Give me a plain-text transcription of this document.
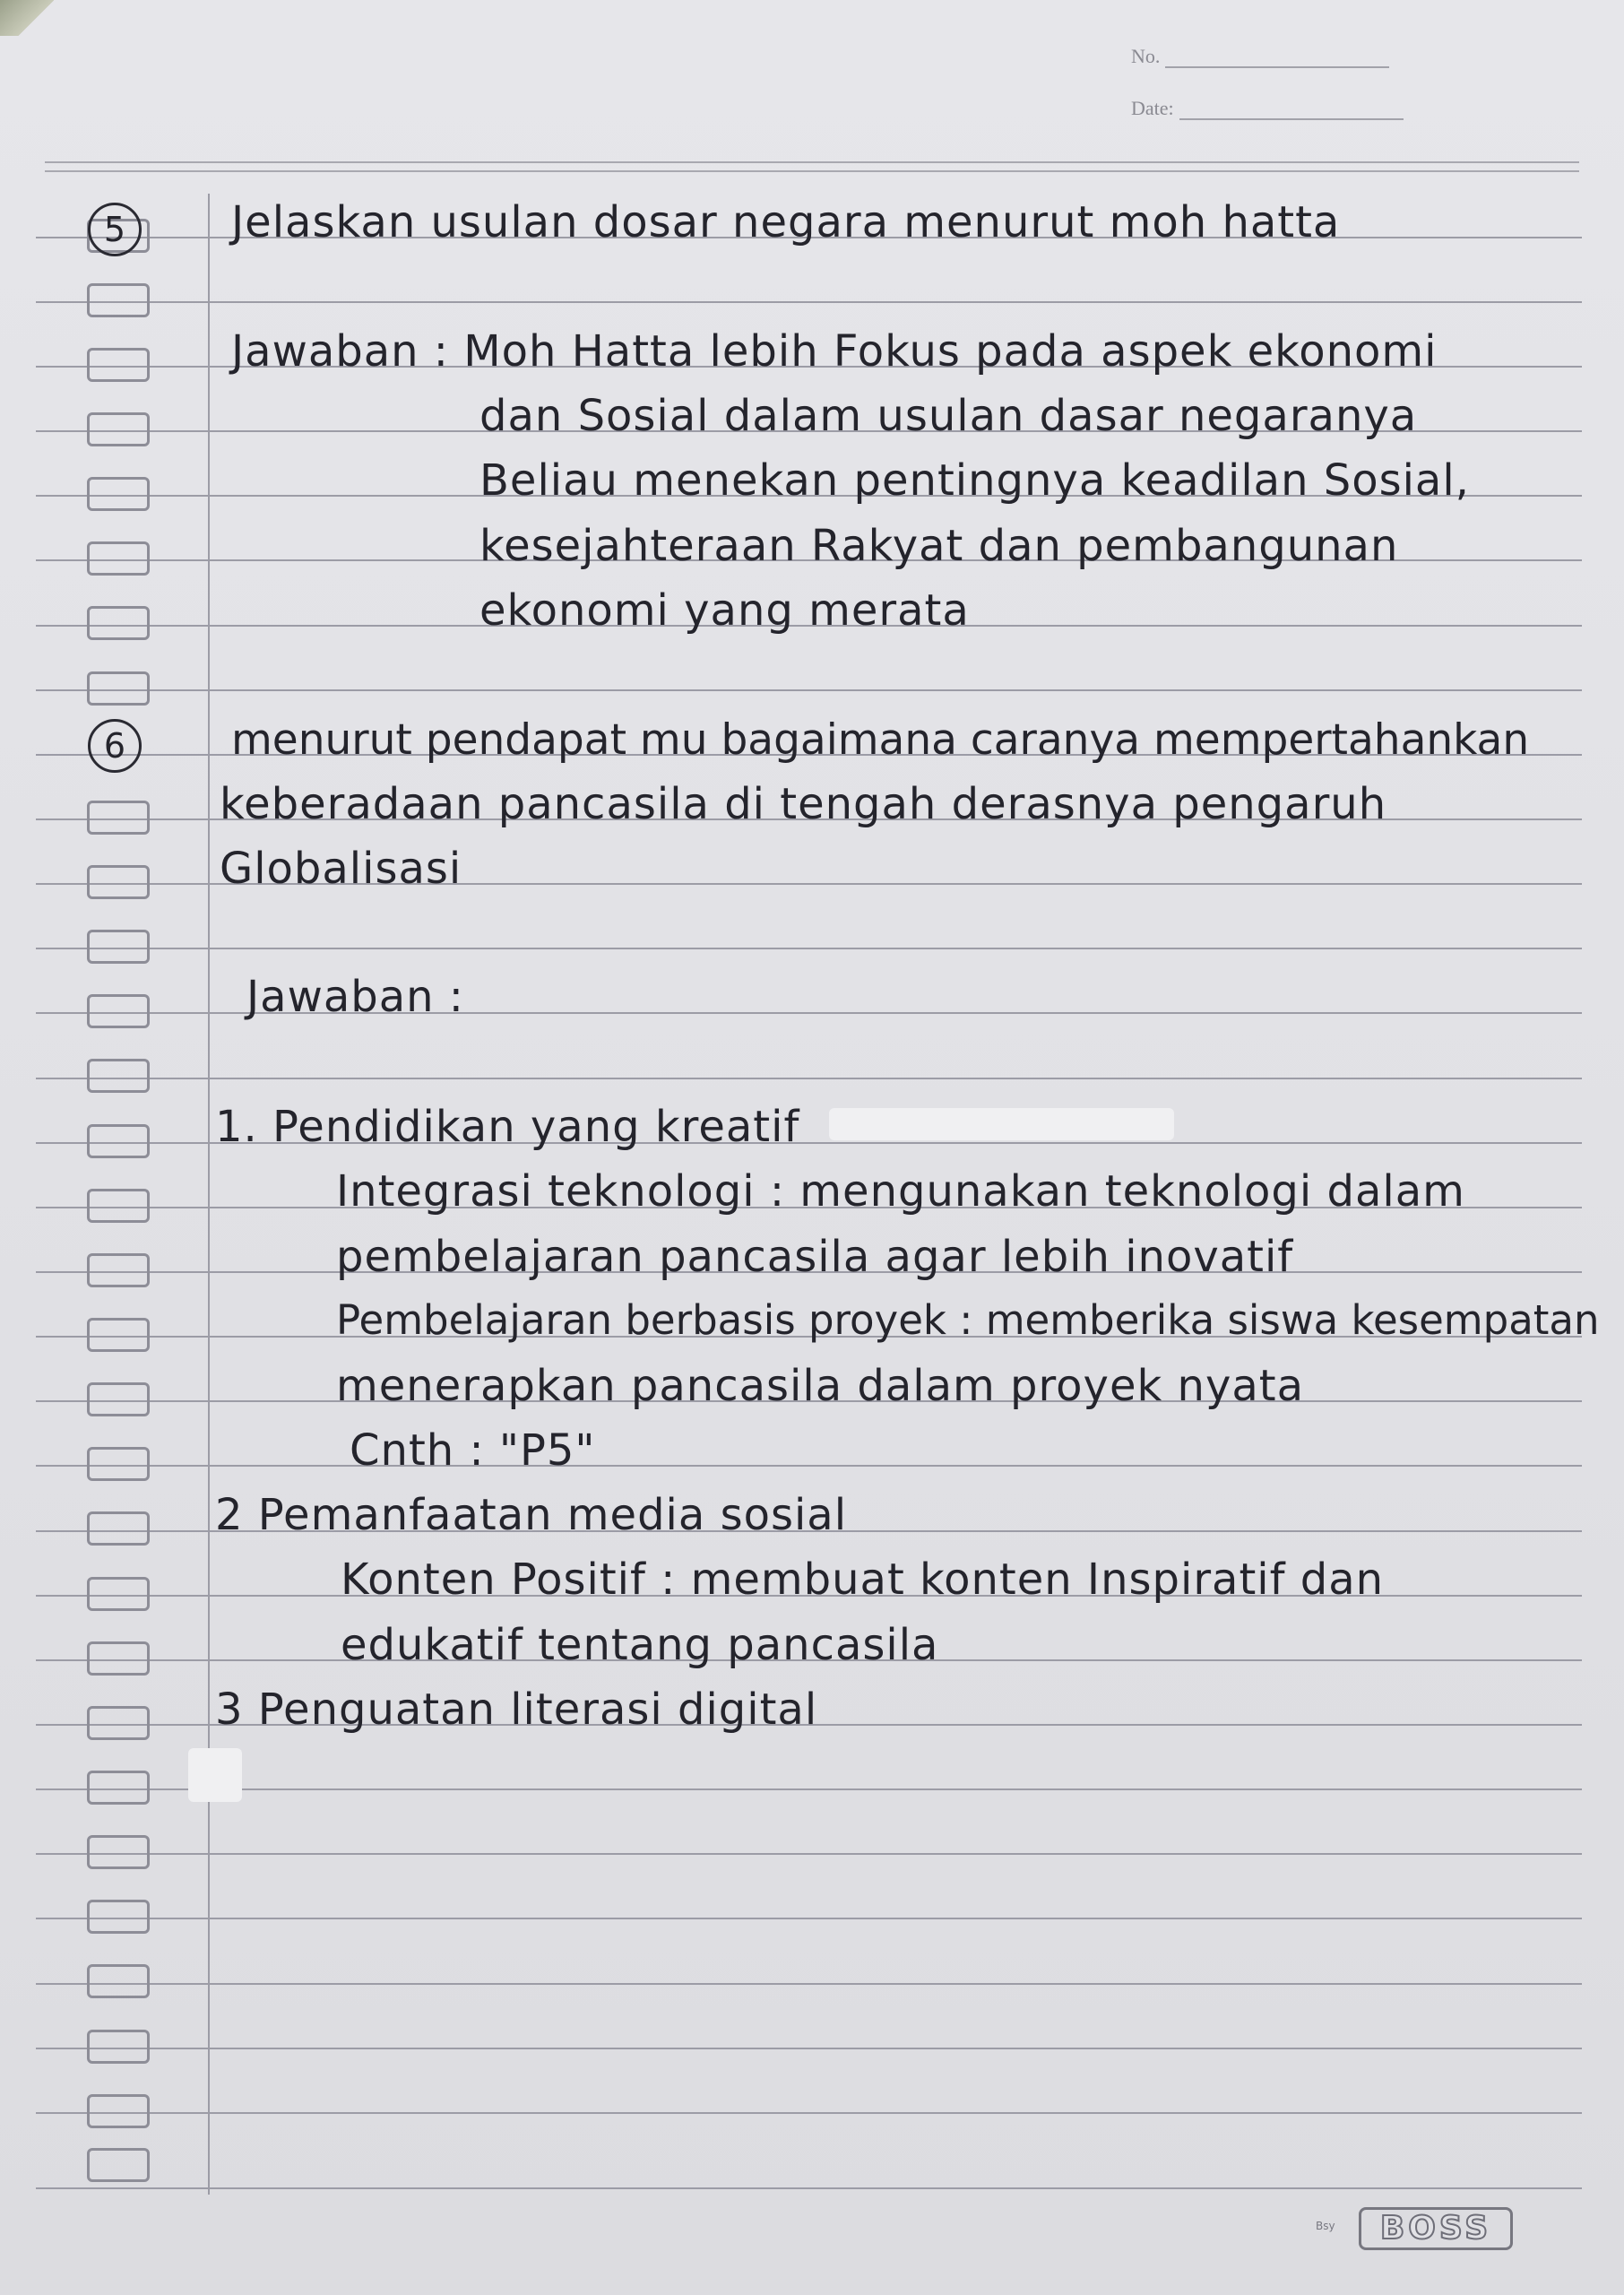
No.
Date:
5	Jelaskan usulan dosar negara menurut moh hatta
Jawaban : Moh Hatta lebih Fokus pada aspek ekonomi
dan Sosial dalam usulan dasar negaranya
Beliau menekan pentingnya keadilan Sosial,
kesejahteraan Rakyat dan pembangunan
ekonomi yang merata
6	menurut pendapat mu bagaimana caranya mempertahankan
keberadaan pancasila di tengah derasnya pengaruh
Globalisasi
Jawaban :
1. Pendidikan yang kreatif
Integrasi teknologi : mengunakan teknologi dalam
pembelajaran pancasila agar lebih inovatif
Pembelajaran berbasis proyek : memberika siswa kesempatan
menerapkan pancasila dalam proyek nyata
Cnth : "P5"
2 Pemanfaatan media sosial
Konten Positif : membuat konten Inspiratif dan
edukatif tentang pancasila
3 Penguatan literasi digital
Bsy	BOSS
